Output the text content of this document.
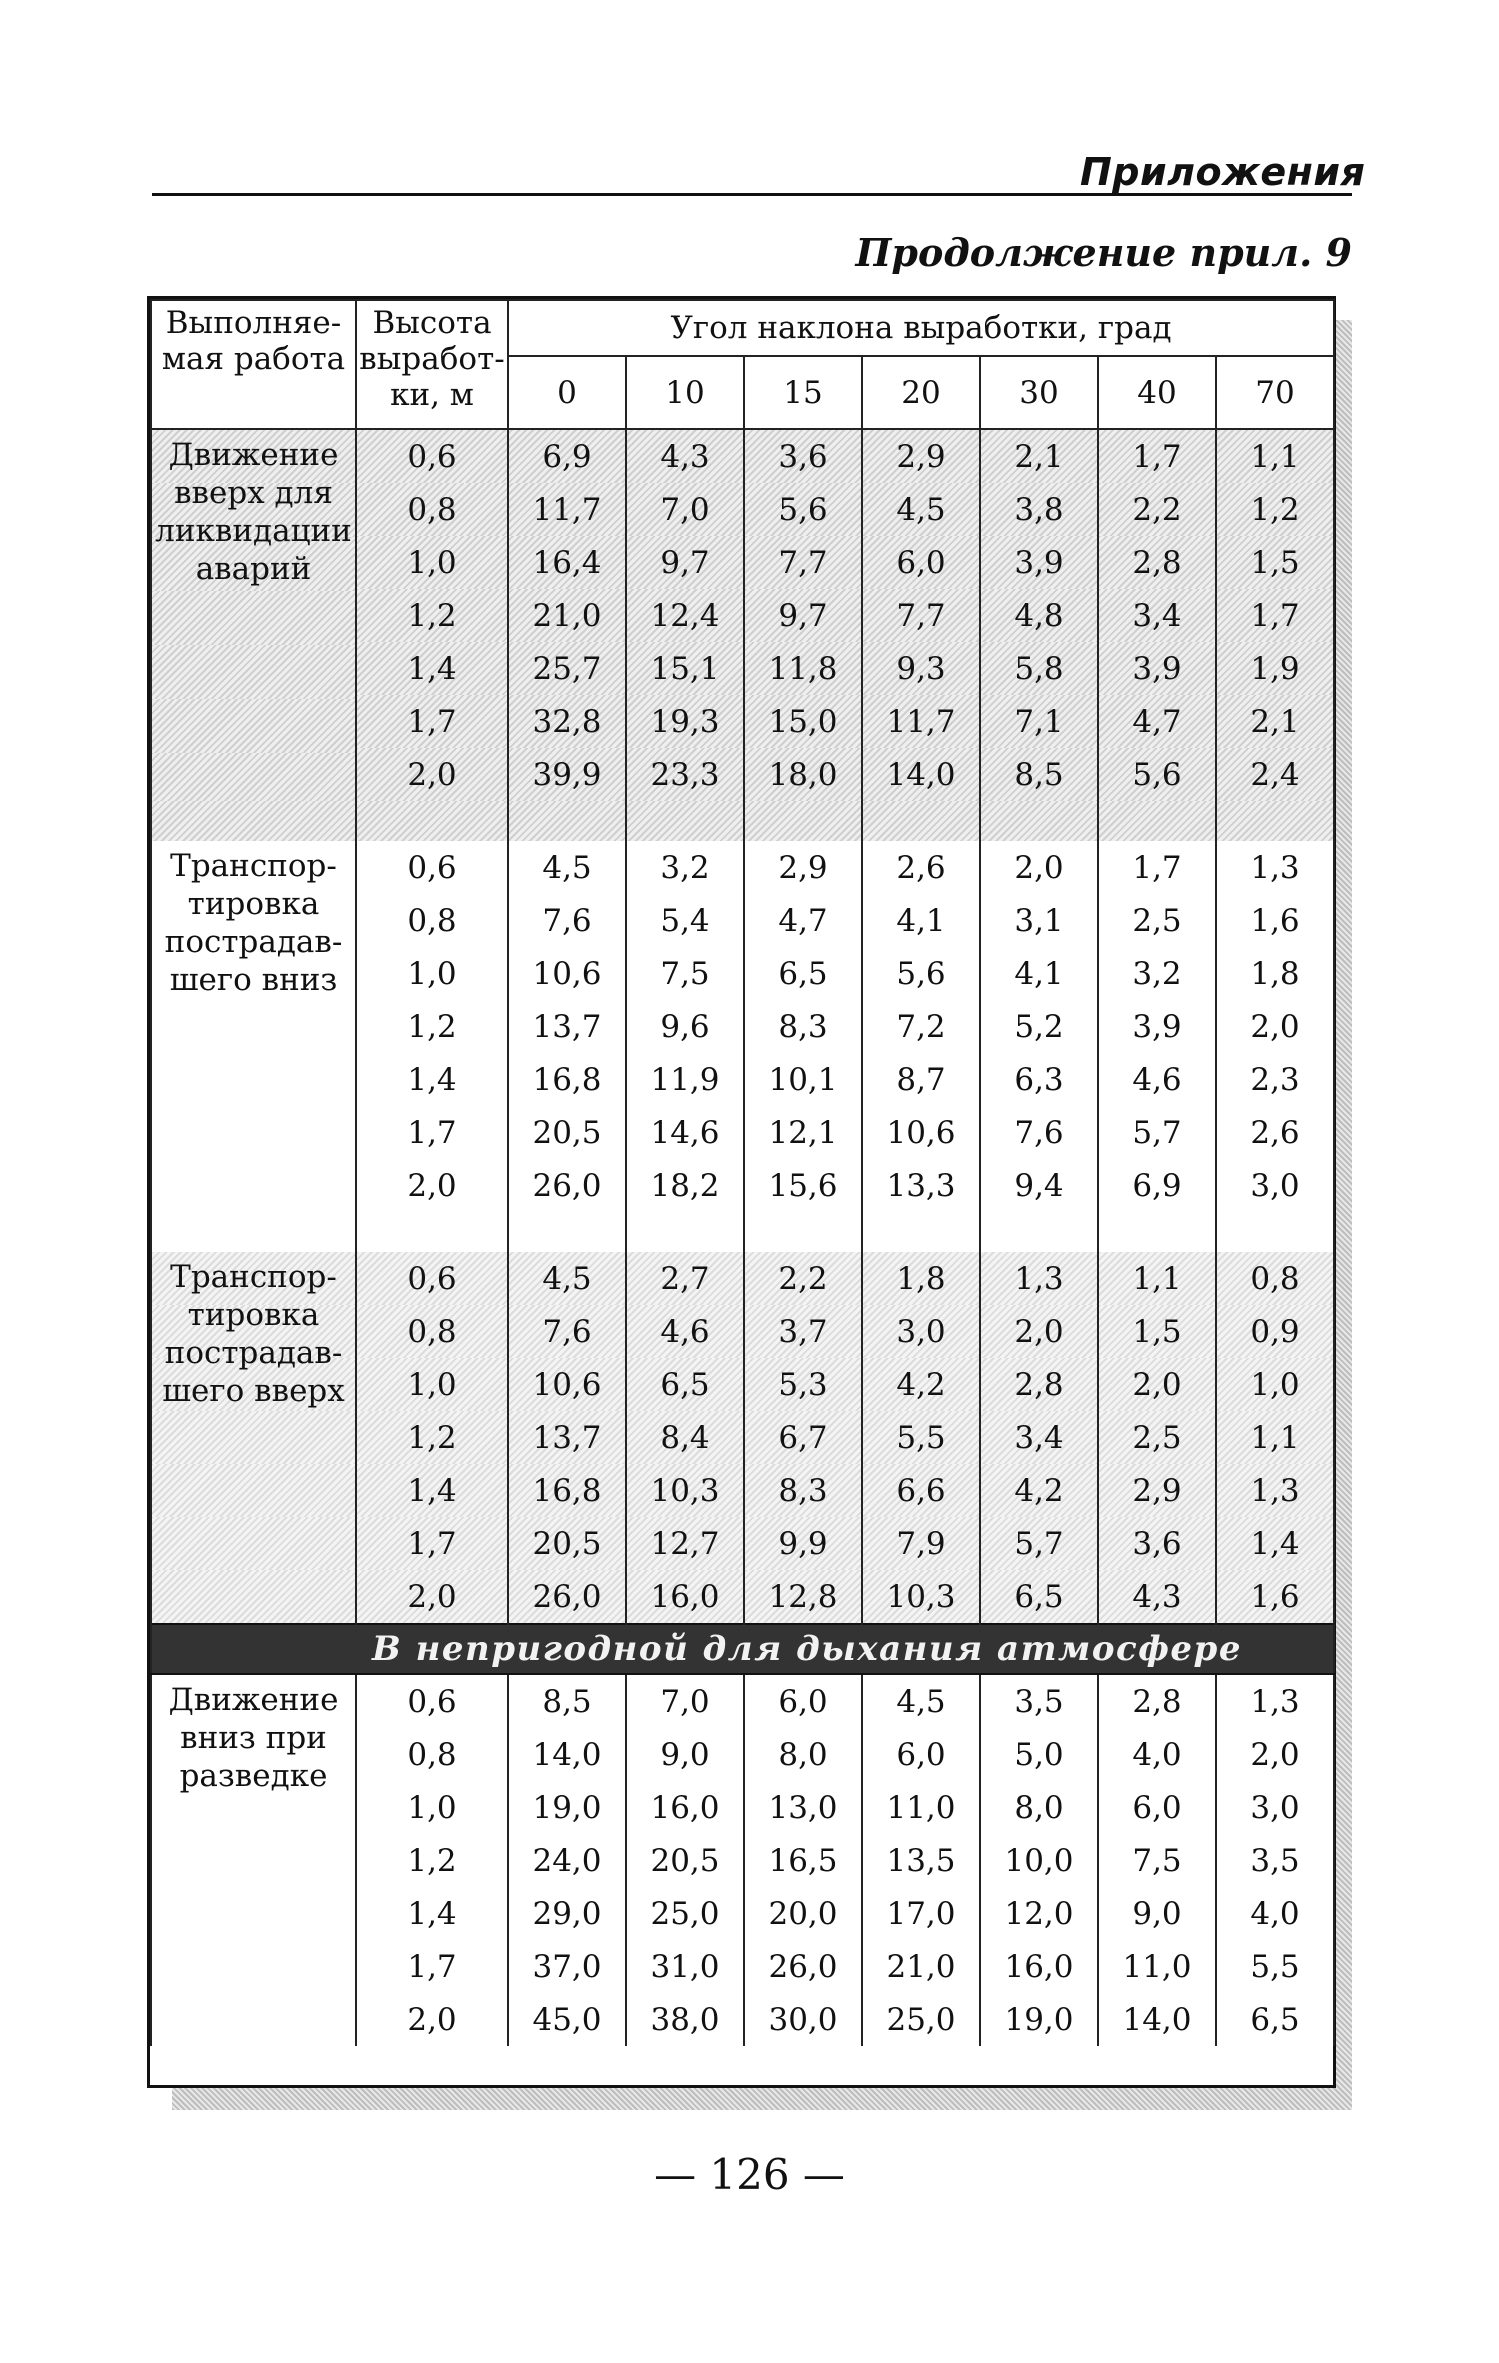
Приложения
Продолжение прил. 9
Выполняе-мая работа	Высота выработ-ки, м	Угол наклона выработки, град						
		0	10	15	20	30	40	70
Движение вверх для ликвидации аварий	0,6	6,9	4,3	3,6	2,9	2,1	1,7	1,1
	0,8	11,7	7,0	5,6	4,5	3,8	2,2	1,2
	1,0	16,4	9,7	7,7	6,0	3,9	2,8	1,5
	1,2	21,0	12,4	9,7	7,7	4,8	3,4	1,7
	1,4	25,7	15,1	11,8	9,3	5,8	3,9	1,9
	1,7	32,8	19,3	15,0	11,7	7,1	4,7	2,1
	2,0	39,9	23,3	18,0	14,0	8,5	5,6	2,4

Транспор-тировка пострадав-шего вниз	0,6	4,5	3,2	2,9	2,6	2,0	1,7	1,3
	0,8	7,6	5,4	4,7	4,1	3,1	2,5	1,6
	1,0	10,6	7,5	6,5	5,6	4,1	3,2	1,8
	1,2	13,7	9,6	8,3	7,2	5,2	3,9	2,0
	1,4	16,8	11,9	10,1	8,7	6,3	4,6	2,3
	1,7	20,5	14,6	12,1	10,6	7,6	5,7	2,6
	2,0	26,0	18,2	15,6	13,3	9,4	6,9	3,0

Транспор-тировка пострадав-шего вверх	0,6	4,5	2,7	2,2	1,8	1,3	1,1	0,8
	0,8	7,6	4,6	3,7	3,0	2,0	1,5	0,9
	1,0	10,6	6,5	5,3	4,2	2,8	2,0	1,0
	1,2	13,7	8,4	6,7	5,5	3,4	2,5	1,1
	1,4	16,8	10,3	8,3	6,6	4,2	2,9	1,3
	1,7	20,5	12,7	9,9	7,9	5,7	3,6	1,4
	2,0	26,0	16,0	12,8	10,3	6,5	4,3	1,6

В непригодной для дыхания атмосфере								

Движение вниз при разведке	0,6	8,5	7,0	6,0	4,5	3,5	2,8	1,3
	0,8	14,0	9,0	8,0	6,0	5,0	4,0	2,0
	1,0	19,0	16,0	13,0	11,0	8,0	6,0	3,0
	1,2	24,0	20,5	16,5	13,5	10,0	7,5	3,5
	1,4	29,0	25,0	20,0	17,0	12,0	9,0	4,0
	1,7	37,0	31,0	26,0	21,0	16,0	11,0	5,5
	2,0	45,0	38,0	30,0	25,0	19,0	14,0	6,5
— 126 —
